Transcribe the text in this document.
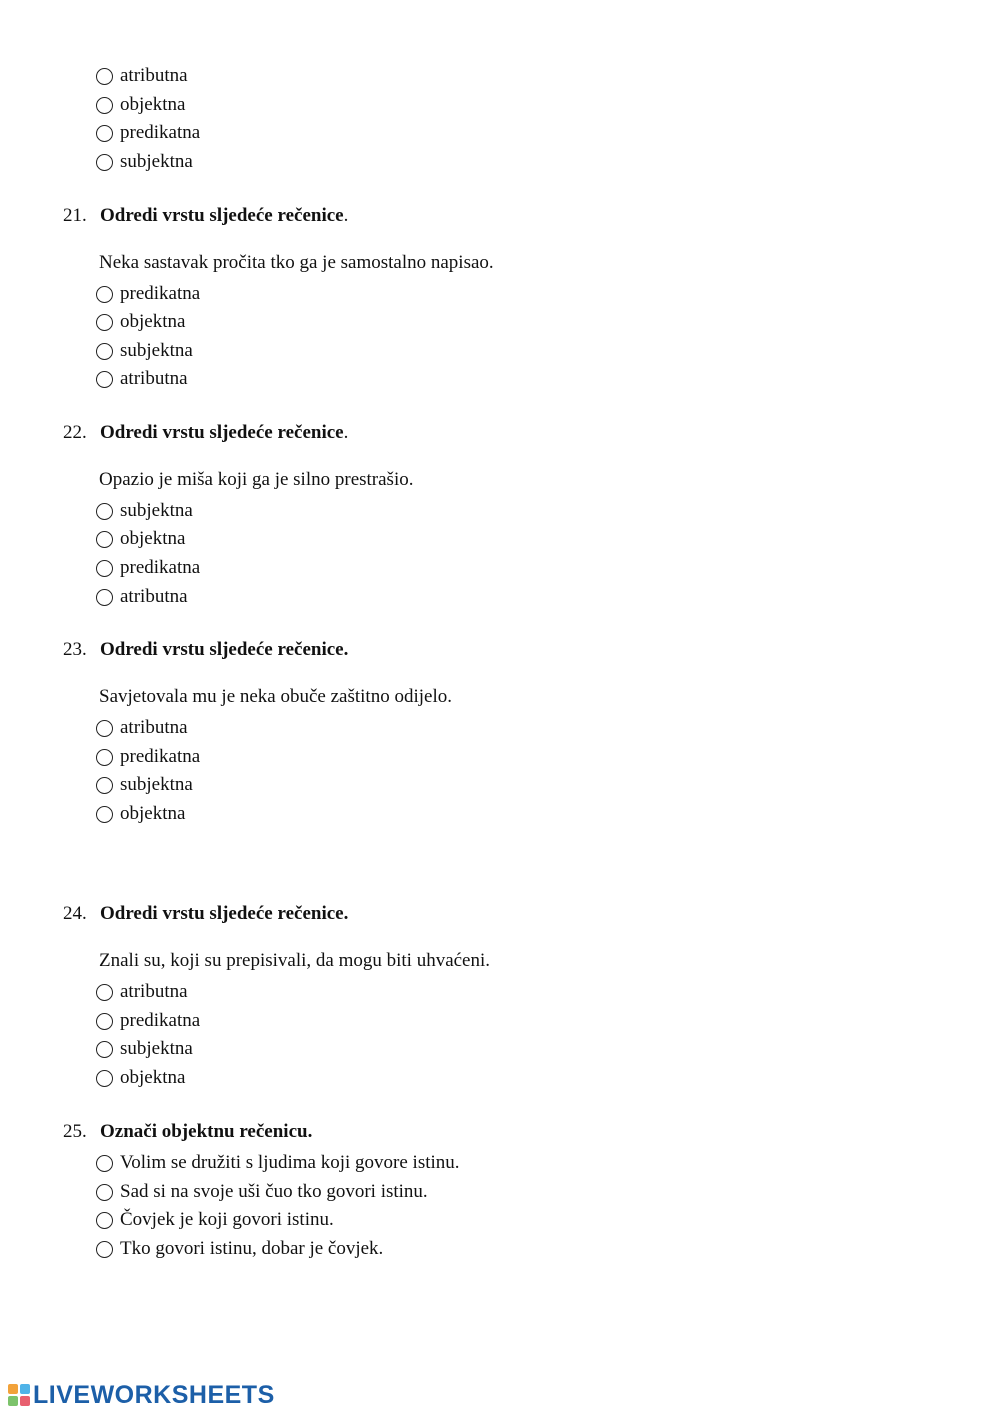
atributna
objektna
predikatna
subjektna
21. Odredi vrstu sljedeće rečenice.
Neka sastavak pročita tko ga je samostalno napisao.
predikatna
objektna
subjektna
atributna
22. Odredi vrstu sljedeće rečenice.
Opazio je miša koji ga je silno prestrašio.
subjektna
objektna
predikatna
atributna
23. Odredi vrstu sljedeće rečenice.
Savjetovala mu je neka obuče zaštitno odijelo.
atributna
predikatna
subjektna
objektna
24. Odredi vrstu sljedeće rečenice.
Znali su, koji su prepisivali, da mogu biti uhvaćeni.
atributna
predikatna
subjektna
objektna
25. Označi objektnu rečenicu.
Volim se družiti s ljudima koji govore istinu.
Sad si na svoje uši čuo tko govori istinu.
Čovjek je koji govori istinu.
Tko govori istinu, dobar je čovjek.
LIVEWORKSHEETS
